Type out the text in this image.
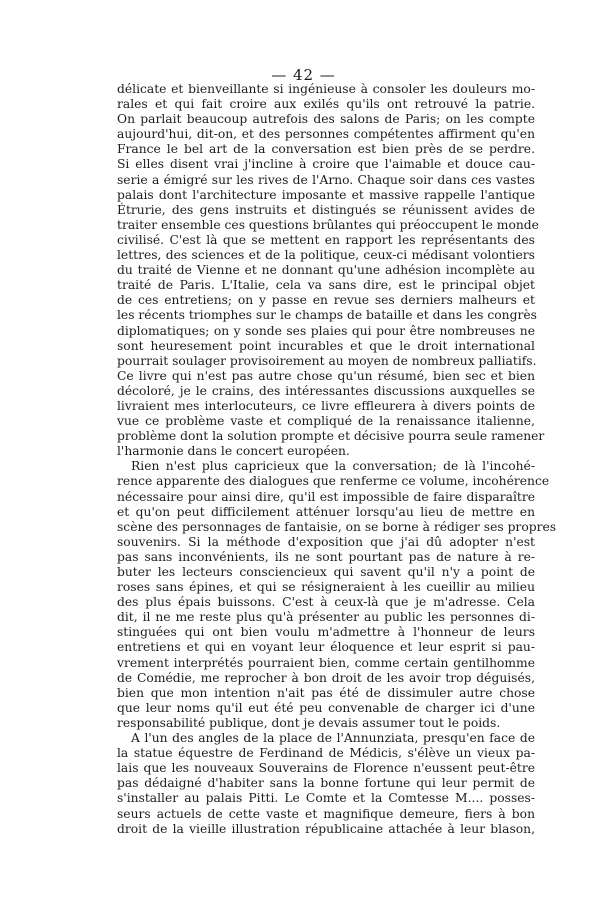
— 42 —
délicate et bienveillante si ingénieuse à consoler les douleurs mo-
rales et qui fait croire aux exilés qu'ils ont retrouvé la patrie.
On parlait beaucoup autrefois des salons de Paris; on les compte
aujourd'hui, dit-on, et des personnes compétentes affirment qu'en
France le bel art de la conversation est bien près de se perdre.
Si elles disent vrai j'incline à croire que l'aimable et douce cau-
serie a émigré sur les rives de l'Arno. Chaque soir dans ces vastes
palais dont l'architecture imposante et massive rappelle l'antique
Étrurie, des gens instruits et distingués se réunissent avides de
traiter ensemble ces questions brûlantes qui préoccupent le monde
civilisé. C'est là que se mettent en rapport les représentants des
lettres, des sciences et de la politique, ceux-ci médisant volontiers
du traité de Vienne et ne donnant qu'une adhésion incomplète au
traité de Paris. L'Italie, cela va sans dire, est le principal objet
de ces entretiens; on y passe en revue ses derniers malheurs et
les récents triomphes sur le champs de bataille et dans les congrès
diplomatiques; on y sonde ses plaies qui pour être nombreuses ne
sont heuresement point incurables et que le droit international
pourrait soulager provisoirement au moyen de nombreux palliatifs.
Ce livre qui n'est pas autre chose qu'un résumé, bien sec et bien
décoloré, je le crains, des intéressantes discussions auxquelles se
livraient mes interlocuteurs, ce livre effleurera à divers points de
vue ce problème vaste et compliqué de la renaissance italienne,
problème dont la solution prompte et décisive pourra seule ramener
l'harmonie dans le concert européen.
Rien n'est plus capricieux que la conversation; de là l'incohé-
rence apparente des dialogues que renferme ce volume, incohérence
nécessaire pour ainsi dire, qu'il est impossible de faire disparaître
et qu'on peut difficilement atténuer lorsqu'au lieu de mettre en
scène des personnages de fantaisie, on se borne à rédiger ses propres
souvenirs. Si la méthode d'exposition que j'ai dû adopter n'est
pas sans inconvénients, ils ne sont pourtant pas de nature à re-
buter les lecteurs consciencieux qui savent qu'il n'y a point de
roses sans épines, et qui se résigneraient à les cueillir au milieu
des plus épais buissons. C'est à ceux-là que je m'adresse. Cela
dit, il ne me reste plus qu'à présenter au public les personnes di-
stinguées qui ont bien voulu m'admettre à l'honneur de leurs
entretiens et qui en voyant leur éloquence et leur esprit si pau-
vrement interprétés pourraient bien, comme certain gentilhomme
de Comédie, me reprocher à bon droit de les avoir trop déguisés,
bien que mon intention n'ait pas été de dissimuler autre chose
que leur noms qu'il eut été peu convenable de charger ici d'une
responsabilité publique, dont je devais assumer tout le poids.
A l'un des angles de la place de l'Annunziata, presqu'en face de
la statue équestre de Ferdinand de Médicis, s'élève un vieux pa-
lais que les nouveaux Souverains de Florence n'eussent peut-être
pas dédaigné d'habiter sans la bonne fortune qui leur permit de
s'installer au palais Pitti. Le Comte et la Comtesse M.... posses-
seurs actuels de cette vaste et magnifique demeure, fiers à bon
droit de la vieille illustration républicaine attachée à leur blason,
